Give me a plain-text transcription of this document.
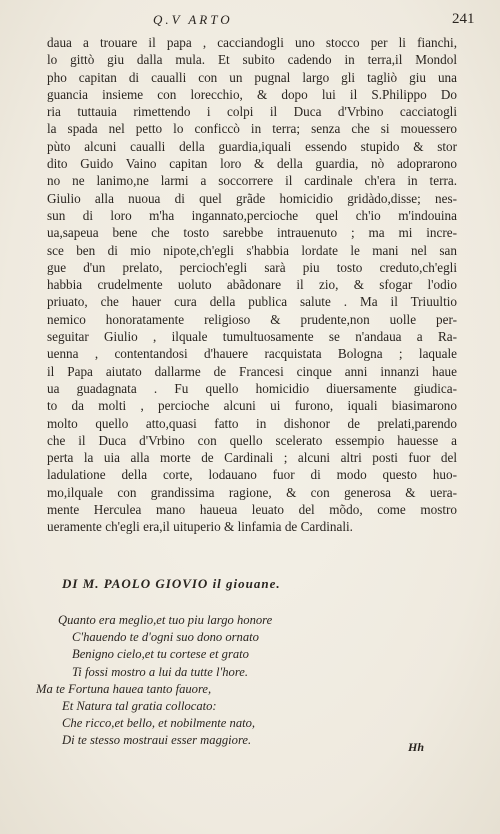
Q.V ARTO	241
daua a trouare il papa , cacciandogli uno stocco per li fianchi,
lo gittò giu dalla mula. Et subito cadendo in terra,il Mondol
pho capitan di caualli con un pugnal largo gli tagliò giu una
guancia insieme con lorecchio, & dopo lui il S.Philippo Do
ria tuttauia rimettendo i colpi il Duca d'Vrbino cacciatogli
la spada nel petto lo conficcò in terra; senza che si mouessero
pùto alcuni caualli della guardia,iquali essendo stupido & stor
dito Guido Vaino capitan loro & della guardia, nò adoprarono
no ne lanimo,ne larmi a soccorrere il cardinale ch'era in terra.
Giulio alla nuoua di quel grãde homicidio gridàdo,disse; nes-
sun di loro m'ha ingannato,percioche quel ch'io m'indouina
ua,sapeua bene che tosto sarebbe intrauenuto ; ma mi incre-
sce ben di mio nipote,ch'egli s'habbia lordate le mani nel san
gue d'un prelato, percioch'egli sarà piu tosto creduto,ch'egli
habbia crudelmente uoluto abãdonare il zio, & sfogar l'odio
priuato, che hauer cura della publica salute . Ma il Triuultio
nemico honoratamente religioso & prudente,non uolle per-
seguitar Giulio , ilquale tumultuosamente se n'andaua a Ra-
uenna , contentandosi d'hauere racquistata Bologna ; laquale
il Papa aiutato dallarme de Francesi cinque anni innanzi haue
ua guadagnata . Fu quello homicidio diuersamente giudica-
to da molti , percioche alcuni ui furono, iquali biasimarono
molto quello atto,quasi fatto in dishonor de prelati,parendo
che il Duca d'Vrbino con quello scelerato essempio hauesse a
perta la uia alla morte de Cardinali ; alcuni altri posti fuor del
ladulatione della corte, lodauano fuor di modo questo huo-
mo,ilquale con grandissima ragione, & con generosa & uera-
mente Herculea mano haueua leuato del mõdo, come mostro
ueramente ch'egli era,il uituperio & linfamia de Cardinali.
DI M. PAOLO GIOVIO il giouane.
Quanto era meglio,et tuo piu largo honore
C'hauendo te d'ogni suo dono ornato
Benigno cielo,et tu cortese et grato
Ti fossi mostro a lui da tutte l'hore.
Ma te Fortuna haueа tanto fauore,
Et Natura tal gratia collocato:
Che ricco,et bello, et nobilmente nato,
Di te stesso mostraui esser maggiore.	Hh
